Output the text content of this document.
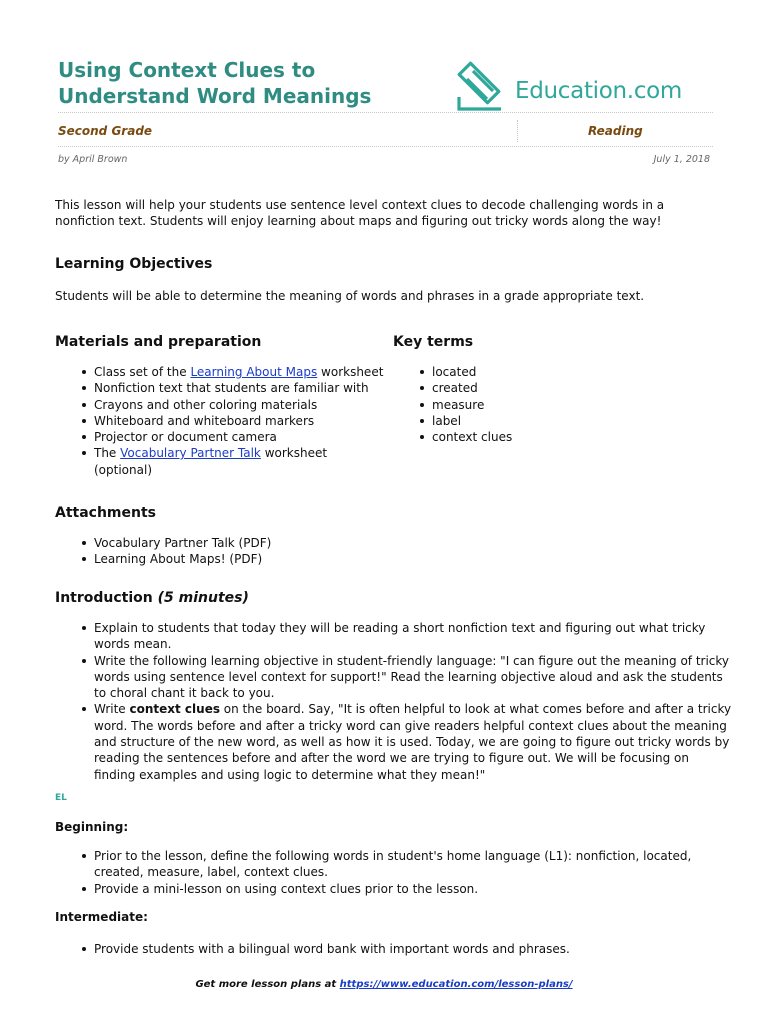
Using Context Clues to
Understand Word Meanings	Education.com
Second Grade	Reading
by April Brown	July 1, 2018
This lesson will help your students use sentence level context clues to decode challenging words in a nonfiction text. Students will enjoy learning about maps and figuring out tricky words along the way!
Learning Objectives
Students will be able to determine the meaning of words and phrases in a grade appropriate text.
Materials and preparation
Class set of the Learning About Maps worksheet
Nonfiction text that students are familiar with
Crayons and other coloring materials
Whiteboard and whiteboard markers
Projector or document camera
The Vocabulary Partner Talk worksheet
(optional)
Key terms
located
created
measure
label
context clues
Attachments
Vocabulary Partner Talk (PDF)
Learning About Maps! (PDF)
Introduction (5 minutes)
Explain to students that today they will be reading a short nonfiction text and figuring out what tricky
words mean.
Write the following learning objective in student-friendly language: "I can figure out the meaning of tricky
words using sentence level context for support!" Read the learning objective aloud and ask the students
to choral chant it back to you.
Write context clues on the board. Say, "It is often helpful to look at what comes before and after a tricky
word. The words before and after a tricky word can give readers helpful context clues about the meaning
and structure of the new word, as well as how it is used. Today, we are going to figure out tricky words by
reading the sentences before and after the word we are trying to figure out. We will be focusing on
finding examples and using logic to determine what they mean!"
EL
Beginning:
Prior to the lesson, define the following words in student's home language (L1): nonfiction, located,
created, measure, label, context clues.
Provide a mini-lesson on using context clues prior to the lesson.
Intermediate:
Provide students with a bilingual word bank with important words and phrases.
Get more lesson plans at https://www.education.com/lesson-plans/
